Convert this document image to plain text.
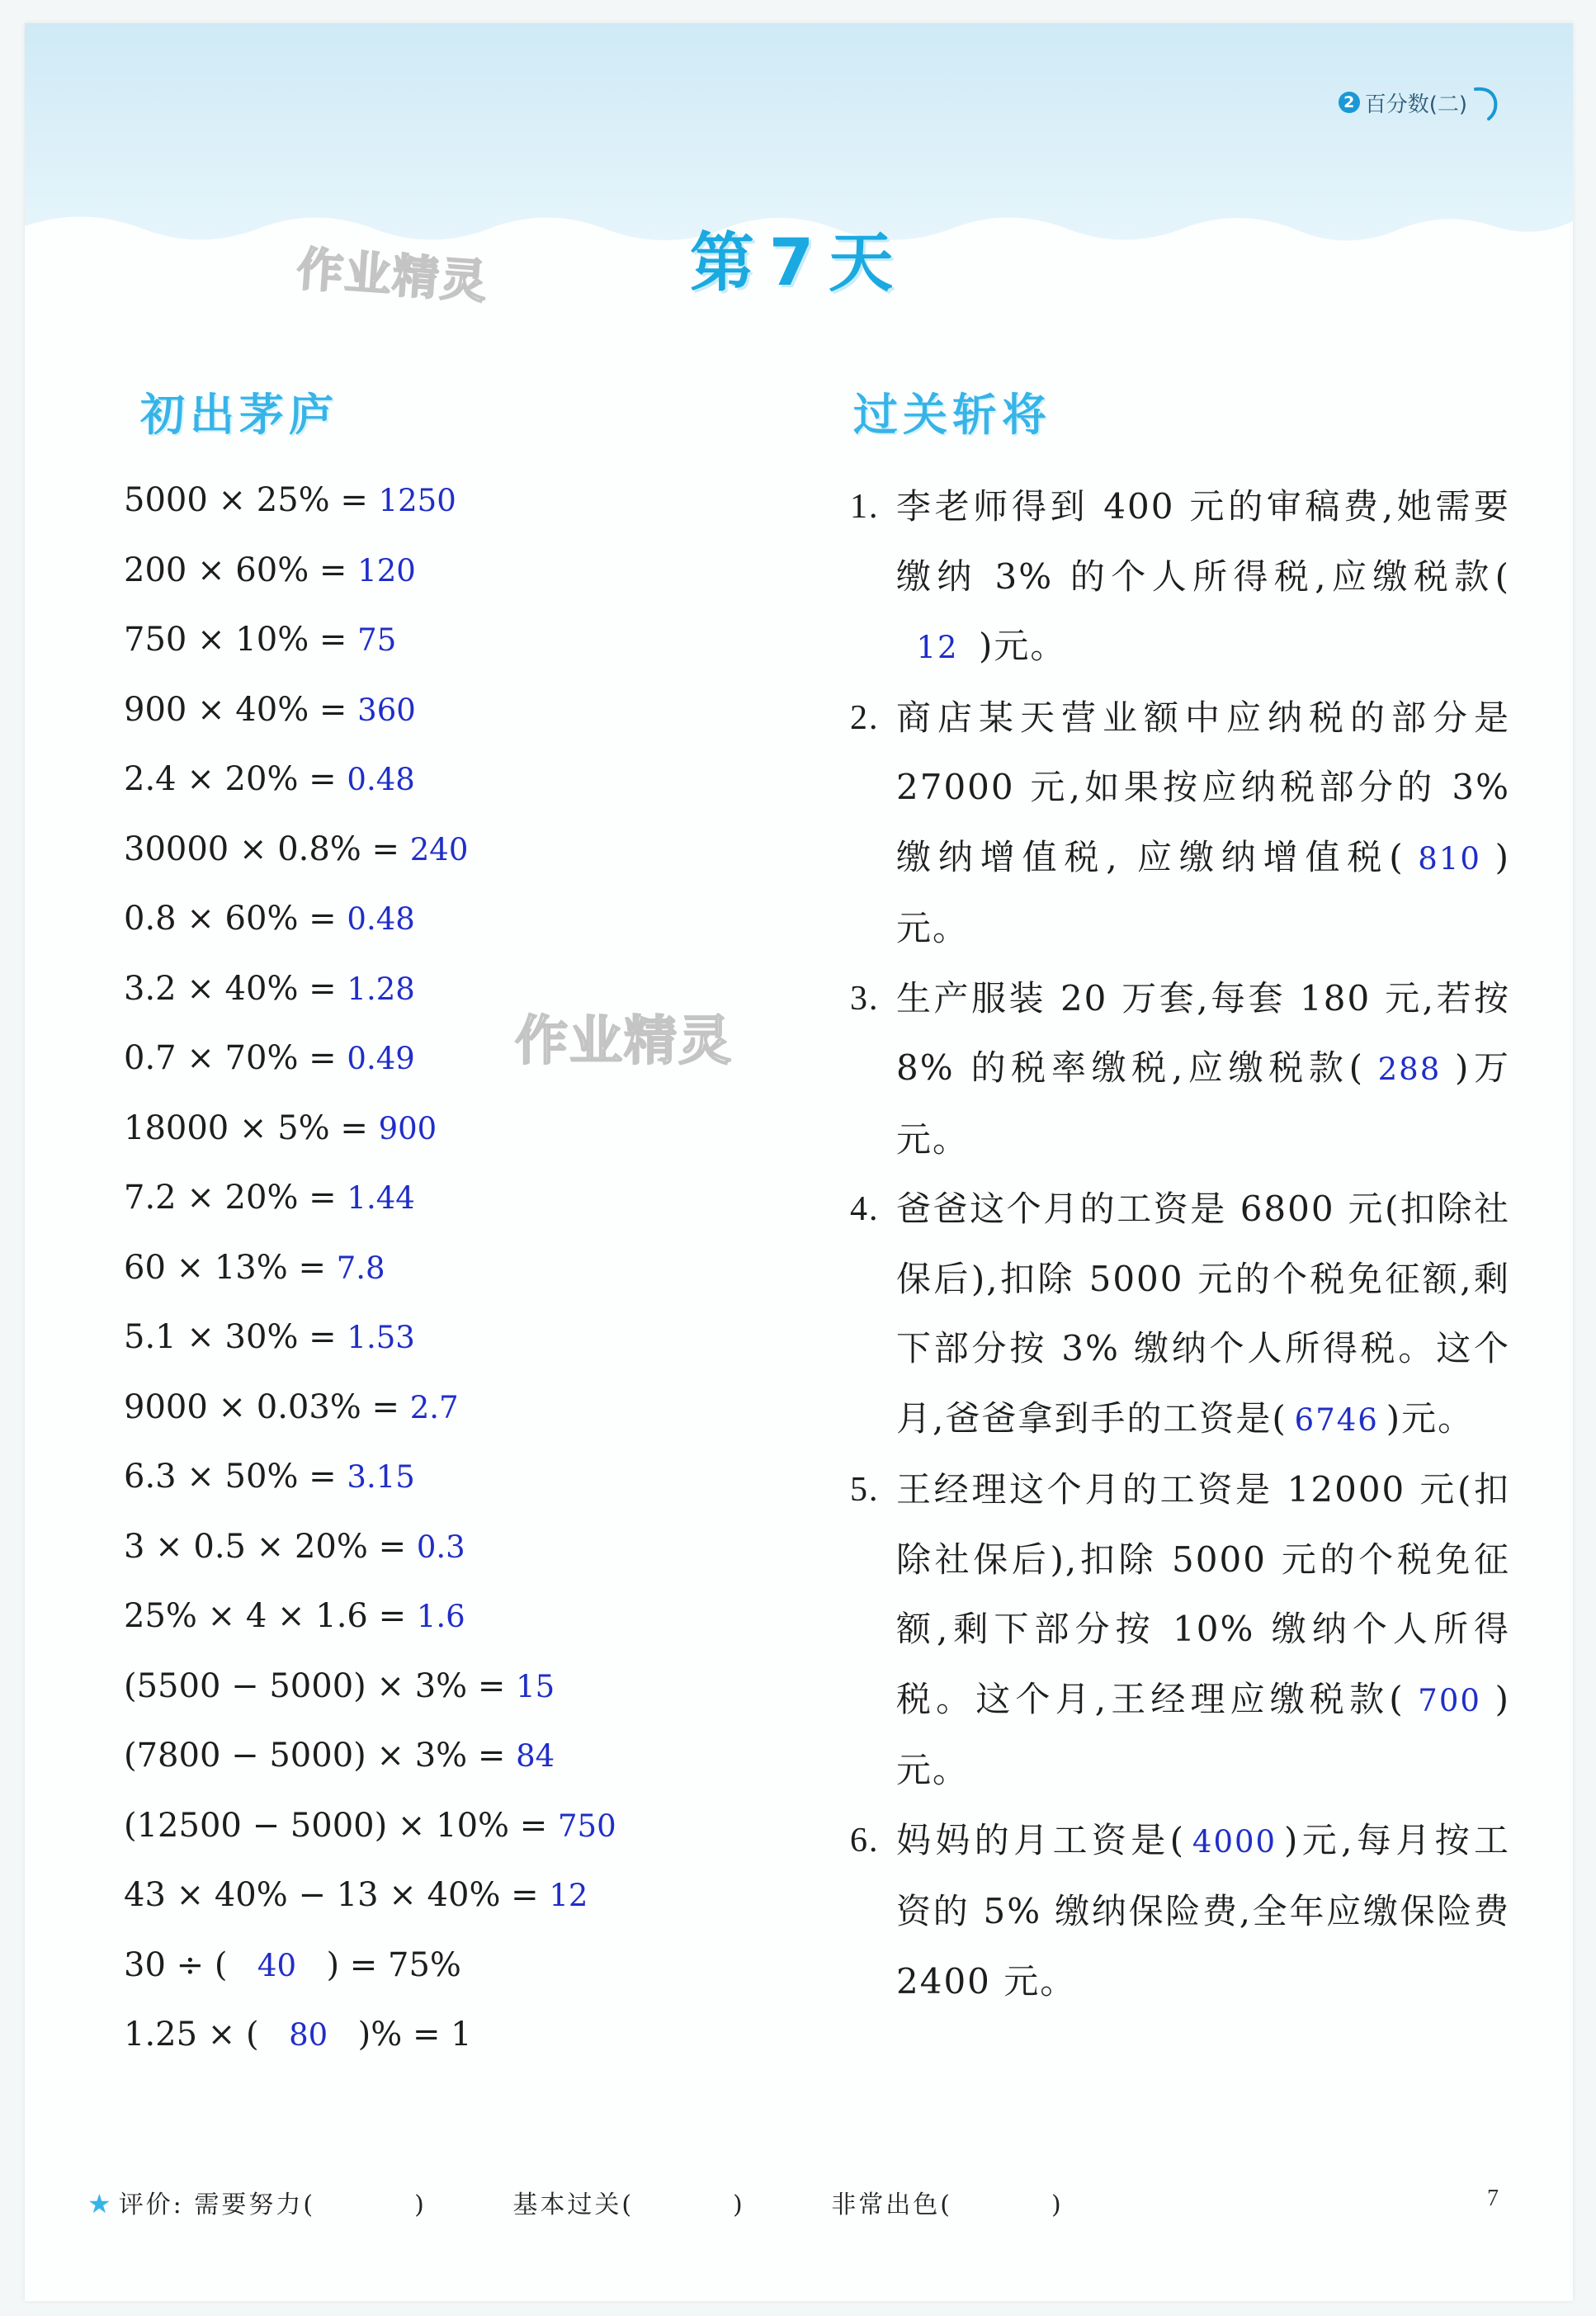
2 百分数(二)
作业精灵	第7天
初出茅庐	过关斩将
5000 × 25% = 1250
200 × 60% = 120
750 × 10% = 75
900 × 40% = 360
2.4 × 20% = 0.48
30000 × 0.8% = 240
0.8 × 60% = 0.48
3.2 × 40% = 1.28
0.7 × 70% = 0.49
18000 × 5% = 900
7.2 × 20% = 1.44
60 × 13% = 7.8
5.1 × 30% = 1.53
9000 × 0.03% = 2.7
6.3 × 50% = 3.15
3 × 0.5 × 20% = 0.3
25% × 4 × 1.6 = 1.6
(5500 − 5000) × 3% = 15
(7800 − 5000) × 3% = 84
(12500 − 5000) × 10% = 750
43 × 40% − 13 × 40% = 12
30 ÷ ( 40 ) = 75%
1.25 × ( 80 )% = 1
作业精灵
1. 李老师得到 400 元的审稿费,她需要缴纳 3% 的个人所得税,应缴税款(12 )元。
2. 商店某天营业额中应纳税的部分是 27000 元,如果按应纳税部分的 3% 缴纳增值税, 应缴纳增值税( 810 )元。
3. 生产服装 20 万套,每套 180 元,若按 8% 的税率缴税,应缴税款( 288 )万元。
4. 爸爸这个月的工资是 6800 元(扣除社保后),扣除 5000 元的个税免征额,剩下部分按 3% 缴纳个人所得税。这个月,爸爸拿到手的工资是( 6746 )元。
5. 王经理这个月的工资是 12000 元(扣除社保后),扣除 5000 元的个税免征额,剩下部分按 10% 缴纳个人所得税。这个月,王经理应缴税款( 700 )元。
6. 妈妈的月工资是( 4000 )元,每月按工资的 5% 缴纳保险费,全年应缴保险费 2400 元。
★ 评价: 需要努力(	)	基本过关(	)	非常出色(	)	7
